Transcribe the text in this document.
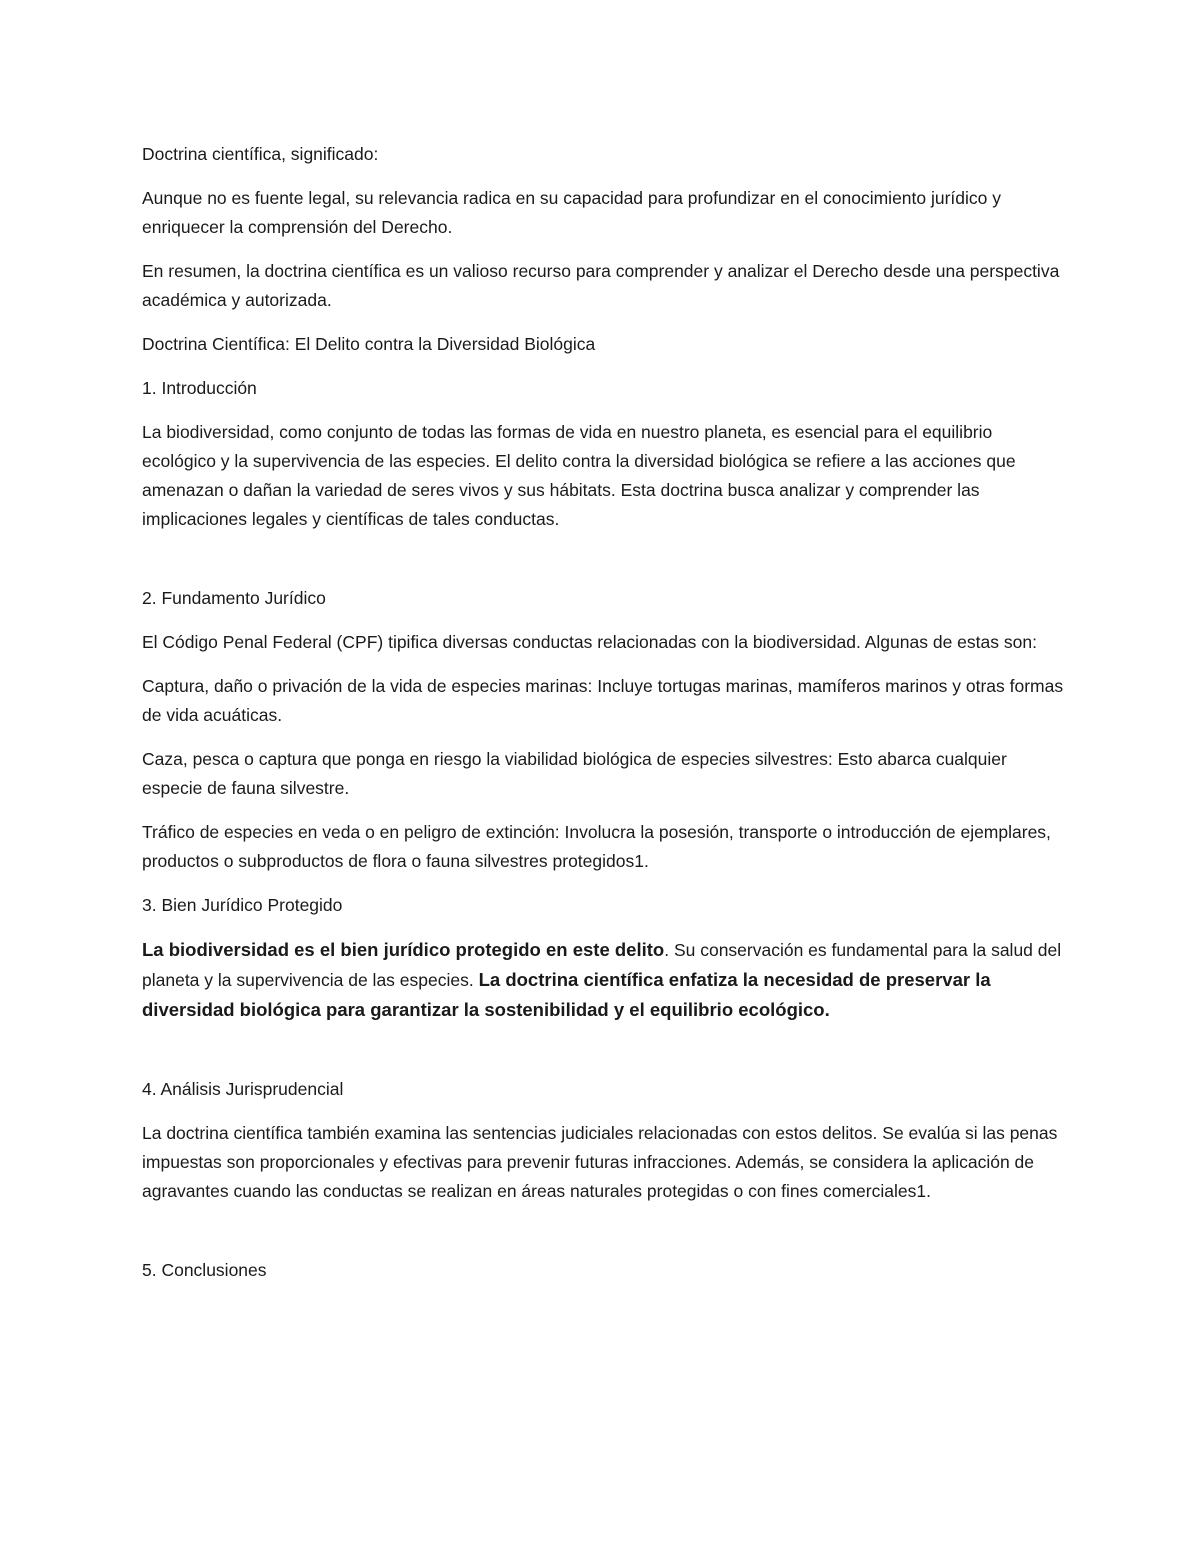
Doctrina científica, significado:

Aunque no es fuente legal, su relevancia radica en su capacidad para profundizar en el conocimiento jurídico y enriquecer la comprensión del Derecho.

En resumen, la doctrina científica es un valioso recurso para comprender y analizar el Derecho desde una perspectiva académica y autorizada.

Doctrina Científica: El Delito contra la Diversidad Biológica

1. Introducción

La biodiversidad, como conjunto de todas las formas de vida en nuestro planeta, es esencial para el equilibrio ecológico y la supervivencia de las especies. El delito contra la diversidad biológica se refiere a las acciones que amenazan o dañan la variedad de seres vivos y sus hábitats. Esta doctrina busca analizar y comprender las implicaciones legales y científicas de tales conductas.

2. Fundamento Jurídico

El Código Penal Federal (CPF) tipifica diversas conductas relacionadas con la biodiversidad. Algunas de estas son:

Captura, daño o privación de la vida de especies marinas: Incluye tortugas marinas, mamíferos marinos y otras formas de vida acuáticas.

Caza, pesca o captura que ponga en riesgo la viabilidad biológica de especies silvestres: Esto abarca cualquier especie de fauna silvestre.

Tráfico de especies en veda o en peligro de extinción: Involucra la posesión, transporte o introducción de ejemplares, productos o subproductos de flora o fauna silvestres protegidos1.

3. Bien Jurídico Protegido

La biodiversidad es el bien jurídico protegido en este delito. Su conservación es fundamental para la salud del planeta y la supervivencia de las especies. La doctrina científica enfatiza la necesidad de preservar la diversidad biológica para garantizar la sostenibilidad y el equilibrio ecológico.

4. Análisis Jurisprudencial

La doctrina científica también examina las sentencias judiciales relacionadas con estos delitos. Se evalúa si las penas impuestas son proporcionales y efectivas para prevenir futuras infracciones. Además, se considera la aplicación de agravantes cuando las conductas se realizan en áreas naturales protegidas o con fines comerciales1.

5. Conclusiones
